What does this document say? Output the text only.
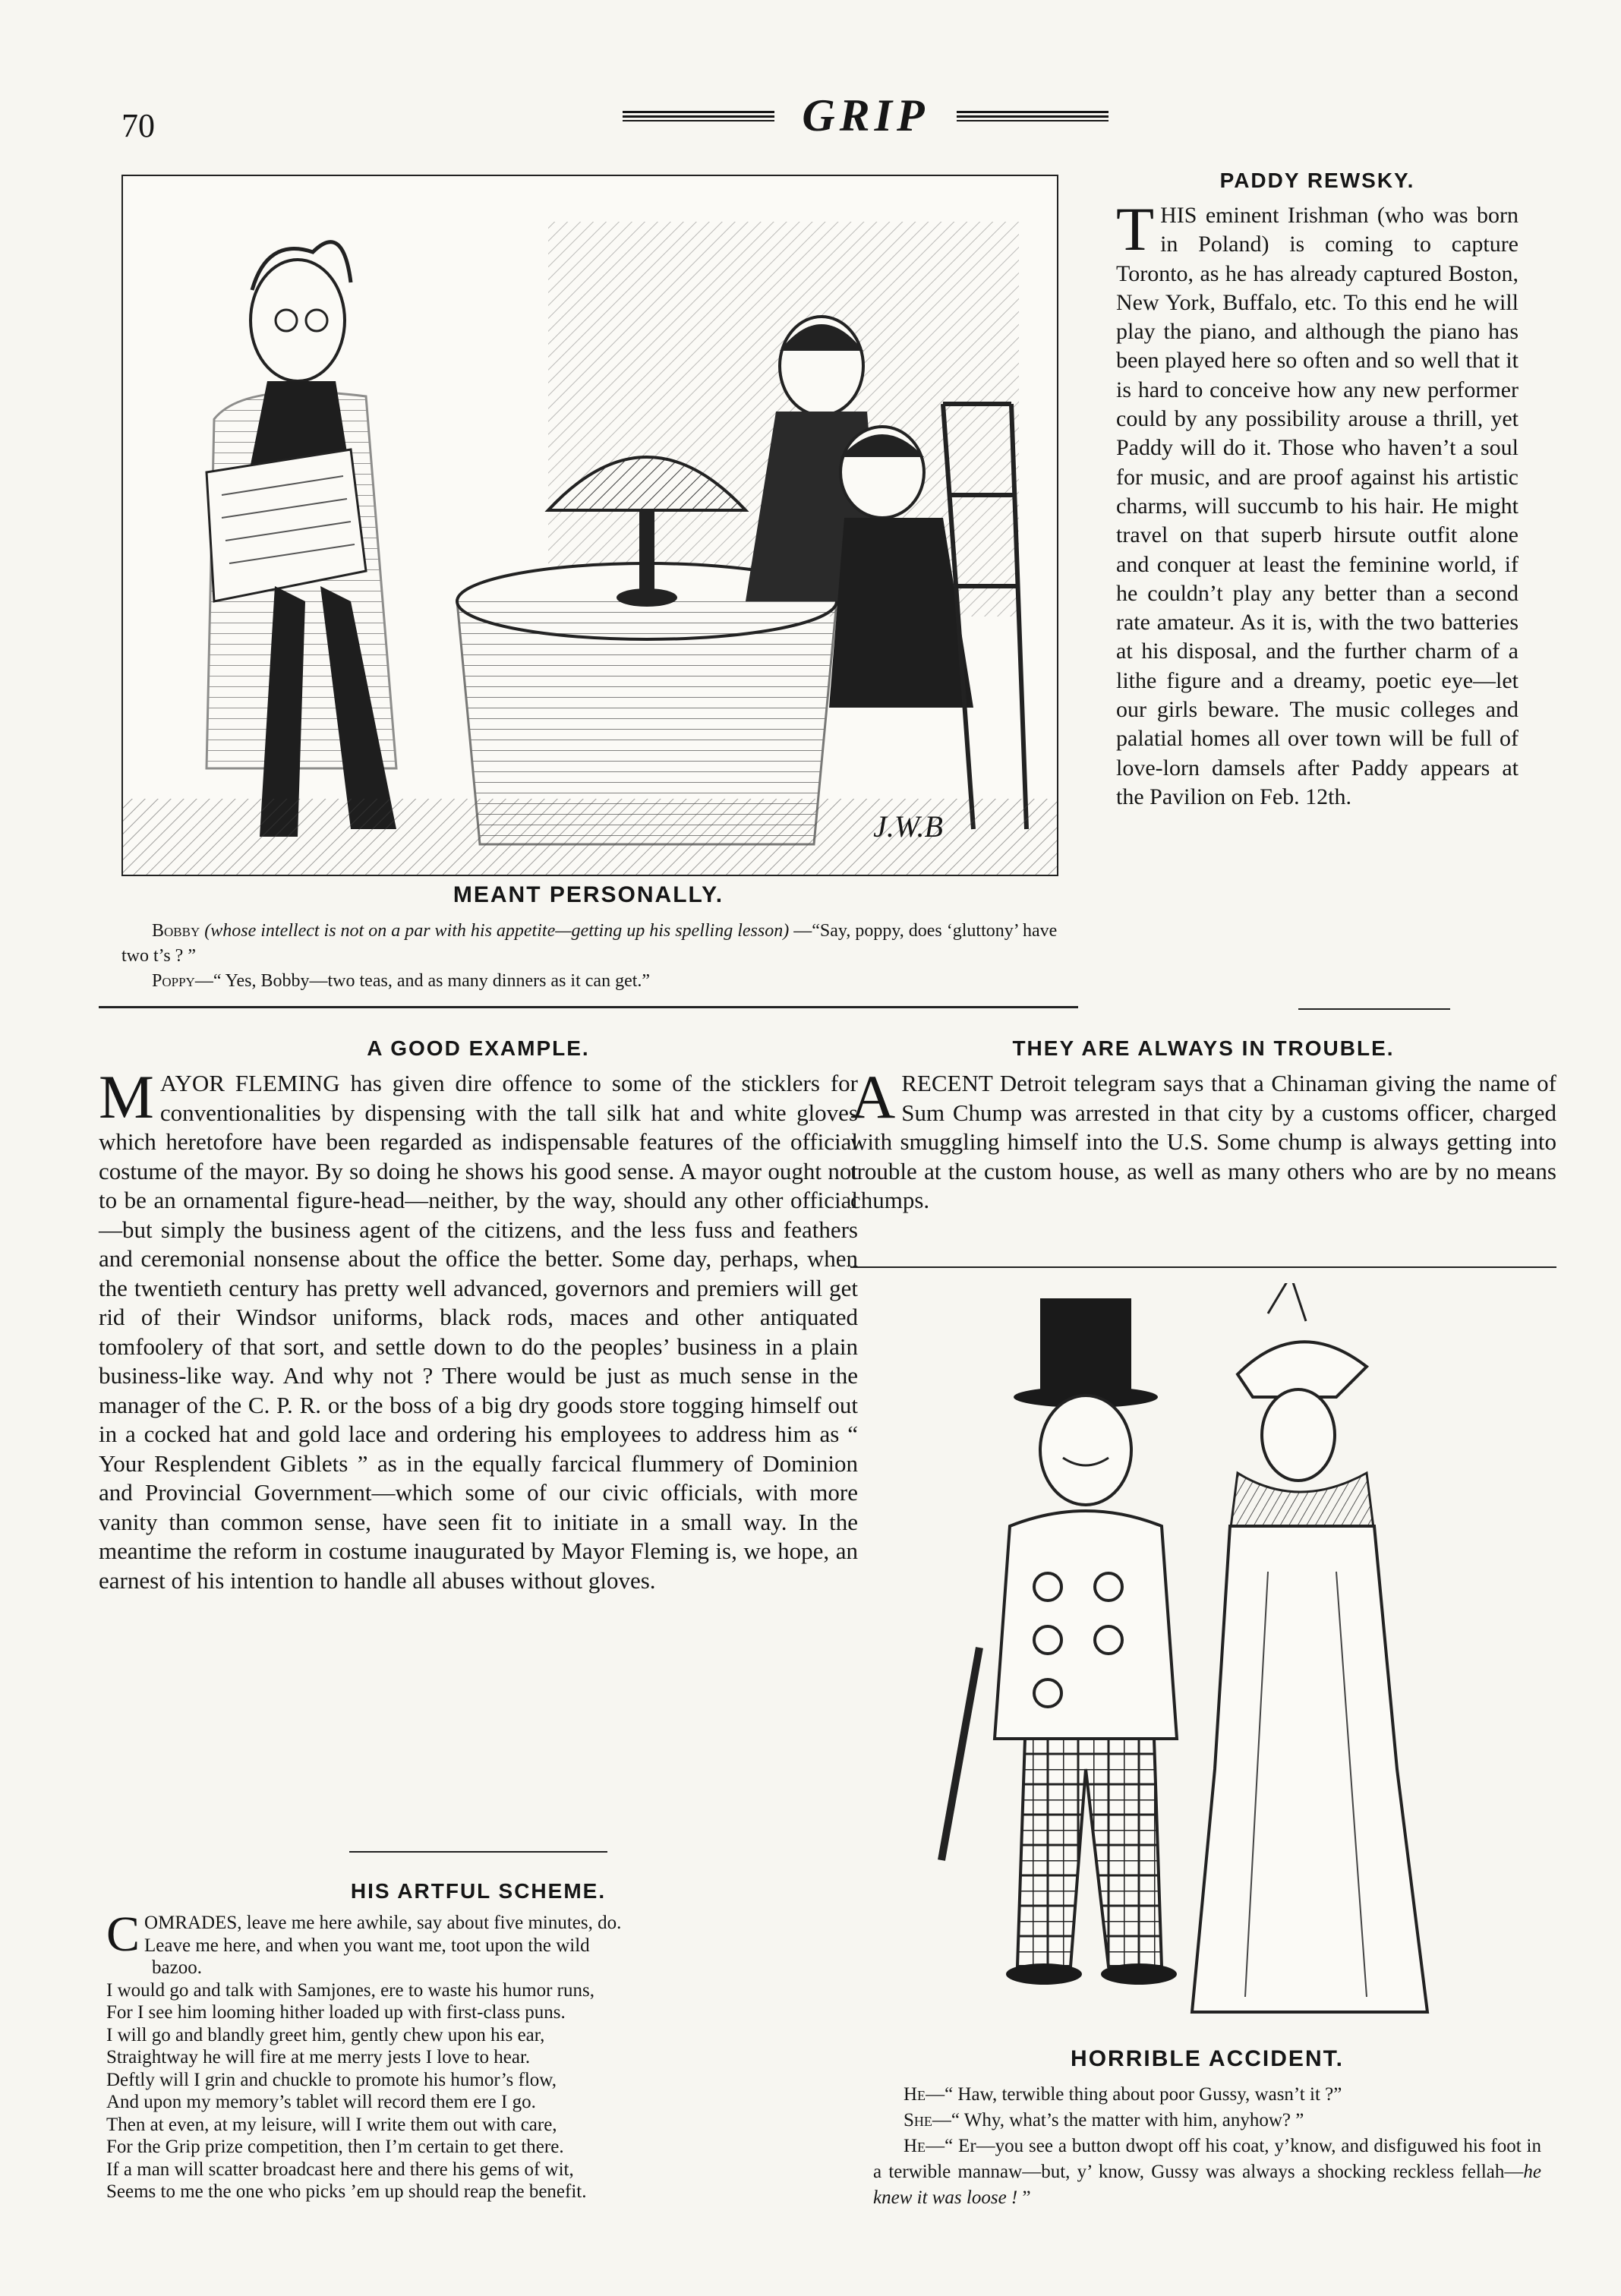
70	GRIP
J.W.B
MEANT PERSONALLY.

Bobby (whose intellect is not on a par with his appetite—getting up his spelling lesson) —“Say, poppy, does ‘gluttony’ have two t’s ? ”

Poppy—“ Yes, Bobby—two teas, and as many dinners as it can get.”

PADDY REWSKY.

THIS eminent Irishman (who was born in Poland) is coming to capture Toronto, as he has already captured Boston, New York, Buffalo, etc. To this end he will play the piano, and although the piano has been played here so often and so well that it is hard to conceive how any new performer could by any possibility arouse a thrill, yet Paddy will do it. Those who haven’t a soul for music, and are proof against his artistic charms, will succumb to his hair. He might travel on that superb hirsute outfit alone and conquer at least the feminine world, if he couldn’t play any better than a second rate amateur. As it is, with the two batteries at his disposal, and the further charm of a lithe figure and a dreamy, poetic eye—let our girls beware. The music colleges and palatial homes all over town will be full of love-lorn damsels after Paddy appears at the Pavilion on Feb. 12th.

A GOOD EXAMPLE.

MAYOR FLEMING has given dire offence to some of the sticklers for conventionalities by dispensing with the tall silk hat and white gloves which heretofore have been regarded as indispensable features of the official costume of the mayor. By so doing he shows his good sense. A mayor ought not to be an ornamental figure-head—neither, by the way, should any other official—but simply the business agent of the citizens, and the less fuss and feathers and ceremonial nonsense about the office the better. Some day, perhaps, when the twentieth century has pretty well advanced, governors and premiers will get rid of their Windsor uniforms, black rods, maces and other antiquated tomfoolery of that sort, and settle down to do the peoples’ business in a plain business-like way. And why not ? There would be just as much sense in the manager of the C. P. R. or the boss of a big dry goods store togging himself out in a cocked hat and gold lace and ordering his employees to address him as “ Your Resplendent Giblets ” as in the equally farcical flummery of Dominion and Provincial Government—which some of our civic officials, with more vanity than common sense, have seen fit to initiate in a small way. In the meantime the reform in costume inaugurated by Mayor Fleming is, we hope, an earnest of his intention to handle all abuses without gloves.

THEY ARE ALWAYS IN TROUBLE.

ARECENT Detroit telegram says that a Chinaman giving the name of Sum Chump was arrested in that city by a customs officer, charged with smuggling himself into the U.S. Some chump is always getting into trouble at the custom house, as well as many others who are by no means chumps.

HIS ARTFUL SCHEME.
C OMRADES, leave me here awhile, say about five minutes, do.
Leave me here, and when you want me, toot upon the wild
bazoo.
I would go and talk with Samjones, ere to waste his humor runs,
For I see him looming hither loaded up with first-class puns.
I will go and blandly greet him, gently chew upon his ear,
Straightway he will fire at me merry jests I love to hear.
Deftly will I grin and chuckle to promote his humor’s flow,
And upon my memory’s tablet will record them ere I go.
Then at even, at my leisure, will I write them out with care,
For the Grip prize competition, then I’m certain to get there.
If a man will scatter broadcast here and there his gems of wit,
Seems to me the one who picks ’em up should reap the benefit.
HORRIBLE ACCIDENT.

He—“ Haw, terwible thing about poor Gussy, wasn’t it ?”

She—“ Why, what’s the matter with him, anyhow? ”

He—“ Er—you see a button dwopt off his coat, y’know, and disfiguwed his foot in a terwible mannaw—but, y’ know, Gussy was always a shocking reckless fellah—he knew it was loose ! ”
